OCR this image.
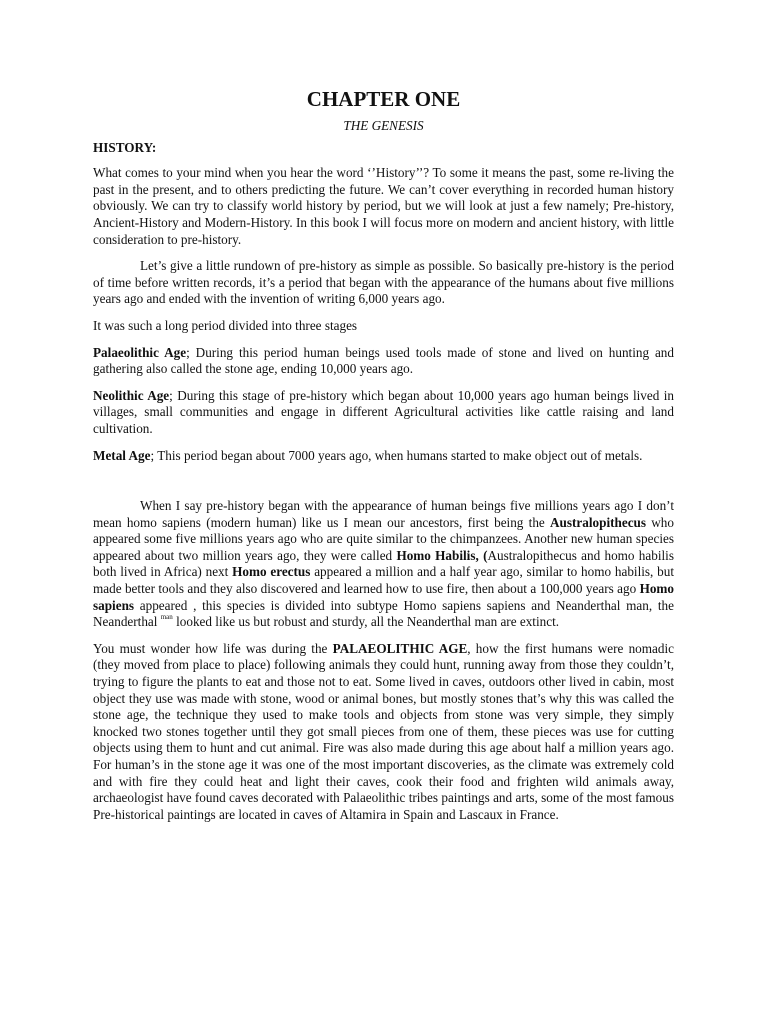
CHAPTER ONE
THE GENESIS
HISTORY:

What comes to your mind when you hear the word ‘’History’’? To some it means the past, some re-living the past in the present, and to others predicting the future. We can’t cover everything in recorded human history obviously. We can try to classify world history by period, but we will look at just a few namely; Pre-history, Ancient-History and Modern-History. In this book I will focus more on modern and ancient history, with little consideration to pre-history.

Let’s give a little rundown of pre-history as simple as possible. So basically pre-history is the period of time before written records, it’s a period that began with the appearance of the humans about five millions years ago and ended with the invention of writing 6,000 years ago.

It was such a long period divided into three stages

Palaeolithic Age; During this period human beings used tools made of stone and lived on hunting and gathering also called the stone age, ending 10,000 years ago.

Neolithic Age; During this stage of pre-history which began about 10,000 years ago human beings lived in villages, small communities and engage in different Agricultural activities like cattle raising and land cultivation.

Metal Age; This period began about 7000 years ago, when humans started to make object out of metals.

When I say pre-history began with the appearance of human beings five millions years ago I don’t mean homo sapiens (modern human) like us I mean our ancestors, first being the Australopithecus who appeared some five millions years ago who are quite similar to the chimpanzees. Another new human species appeared about two million years ago, they were called Homo Habilis, (Australopithecus and homo habilis both lived in Africa) next Homo erectus appeared a million and a half year ago, similar to homo habilis, but made better tools and they also discovered and learned how to use fire, then about a 100,000 years ago Homo sapiens appeared , this species is divided into subtype Homo sapiens sapiens and Neanderthal man, the Neanderthal $^{man}$ looked like us but robust and sturdy, all the Neanderthal man are extinct.

You must wonder how life was during the PALAEOLITHIC AGE, how the first humans were nomadic (they moved from place to place) following animals they could hunt, running away from those they couldn’t, trying to figure the plants to eat and those not to eat. Some lived in caves, outdoors other lived in cabin, most object they use was made with stone, wood or animal bones, but mostly stones that’s why this was called the stone age, the technique they used to make tools and objects from stone was very simple, they simply knocked two stones together until they got small pieces from one of them, these pieces was use for cutting objects using them to hunt and cut animal. Fire was also made during this age about half a million years ago. For human’s in the stone age it was one of the most important discoveries, as the climate was extremely cold and with fire they could heat and light their caves, cook their food and frighten wild animals away, archaeologist have found caves decorated with Palaeolithic tribes paintings and arts, some of the most famous Pre-historical paintings are located in caves of Altamira in Spain and Lascaux in France.
